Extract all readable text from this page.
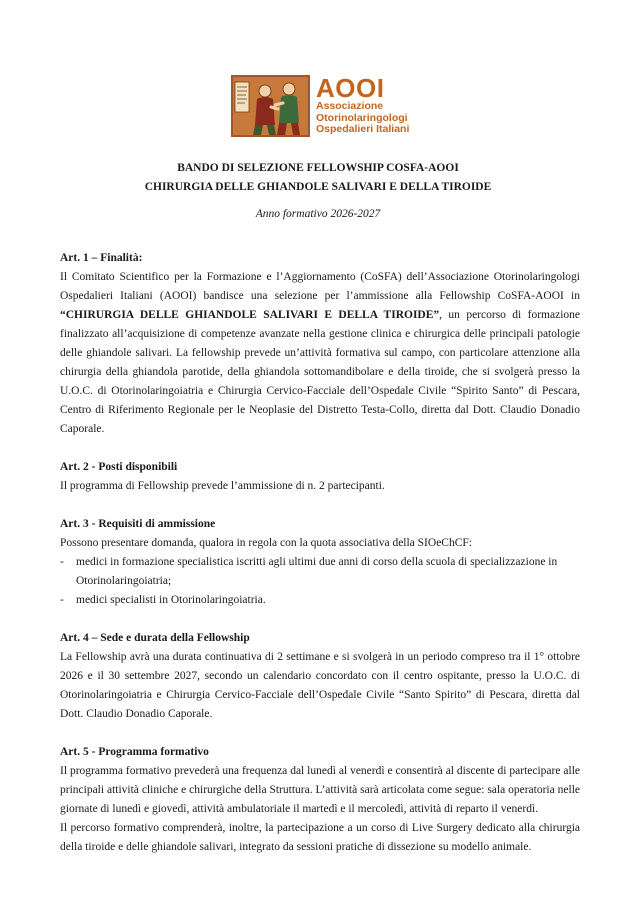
AOOI
Associazione
Otorinolaringologi
Ospedalieri Italiani
BANDO DI SELEZIONE FELLOWSHIP COSFA-AOOI
CHIRURGIA DELLE GHIANDOLE SALIVARI E DELLA TIROIDE
Anno formativo 2026-2027

Art. 1 – Finalità:

Il Comitato Scientifico per la Formazione e l’Aggiornamento (CoSFA) dell’Associazione Otorinolaringologi Ospedalieri Italiani (AOOI) bandisce una selezione per l’ammissione alla Fellowship CoSFA-AOOI in “CHIRURGIA DELLE GHIANDOLE SALIVARI E DELLA TIROIDE”, un percorso di formazione finalizzato all’acquisizione di competenze avanzate nella gestione clinica e chirurgica delle principali patologie delle ghiandole salivari. La fellowship prevede un’attività formativa sul campo, con particolare attenzione alla chirurgia della ghiandola parotide, della ghiandola sottomandibolare e della tiroide, che si svolgerà presso la U.O.C. di Otorinolaringoiatria e Chirurgia Cervico-Facciale dell’Ospedale Civile “Spirito Santo” di Pescara, Centro di Riferimento Regionale per le Neoplasie del Distretto Testa-Collo, diretta dal Dott. Claudio Donadio Caporale.

Art. 2 - Posti disponibili

Il programma di Fellowship prevede l’ammissione di n. 2 partecipanti.

Art. 3 - Requisiti di ammissione

Possono presentare domanda, qualora in regola con la quota associativa della SIOeChCF:

-	medici in formazione specialistica iscritti agli ultimi due anni di corso della scuola di specializzazione in Otorinolaringoiatria;
-	medici specialisti in Otorinolaringoiatria.

Art. 4 – Sede e durata della Fellowship

La Fellowship avrà una durata continuativa di 2 settimane e si svolgerà in un periodo compreso tra il 1° ottobre 2026 e il 30 settembre 2027, secondo un calendario concordato con il centro ospitante, presso la U.O.C. di Otorinolaringoiatria e Chirurgia Cervico-Facciale dell’Ospedale Civile “Santo Spirito” di Pescara, diretta dal Dott. Claudio Donadio Caporale.

Art. 5 - Programma formativo

Il programma formativo prevederà una frequenza dal lunedì al venerdì e consentirà al discente di partecipare alle principali attività cliniche e chirurgiche della Struttura. L’attività sarà articolata come segue: sala operatoria nelle giornate di lunedì e giovedì, attività ambulatoriale il martedì e il mercoledì, attività di reparto il venerdì.

Il percorso formativo comprenderà, inoltre, la partecipazione a un corso di Live Surgery dedicato alla chirurgia della tiroide e delle ghiandole salivari, integrato da sessioni pratiche di dissezione su modello animale.
